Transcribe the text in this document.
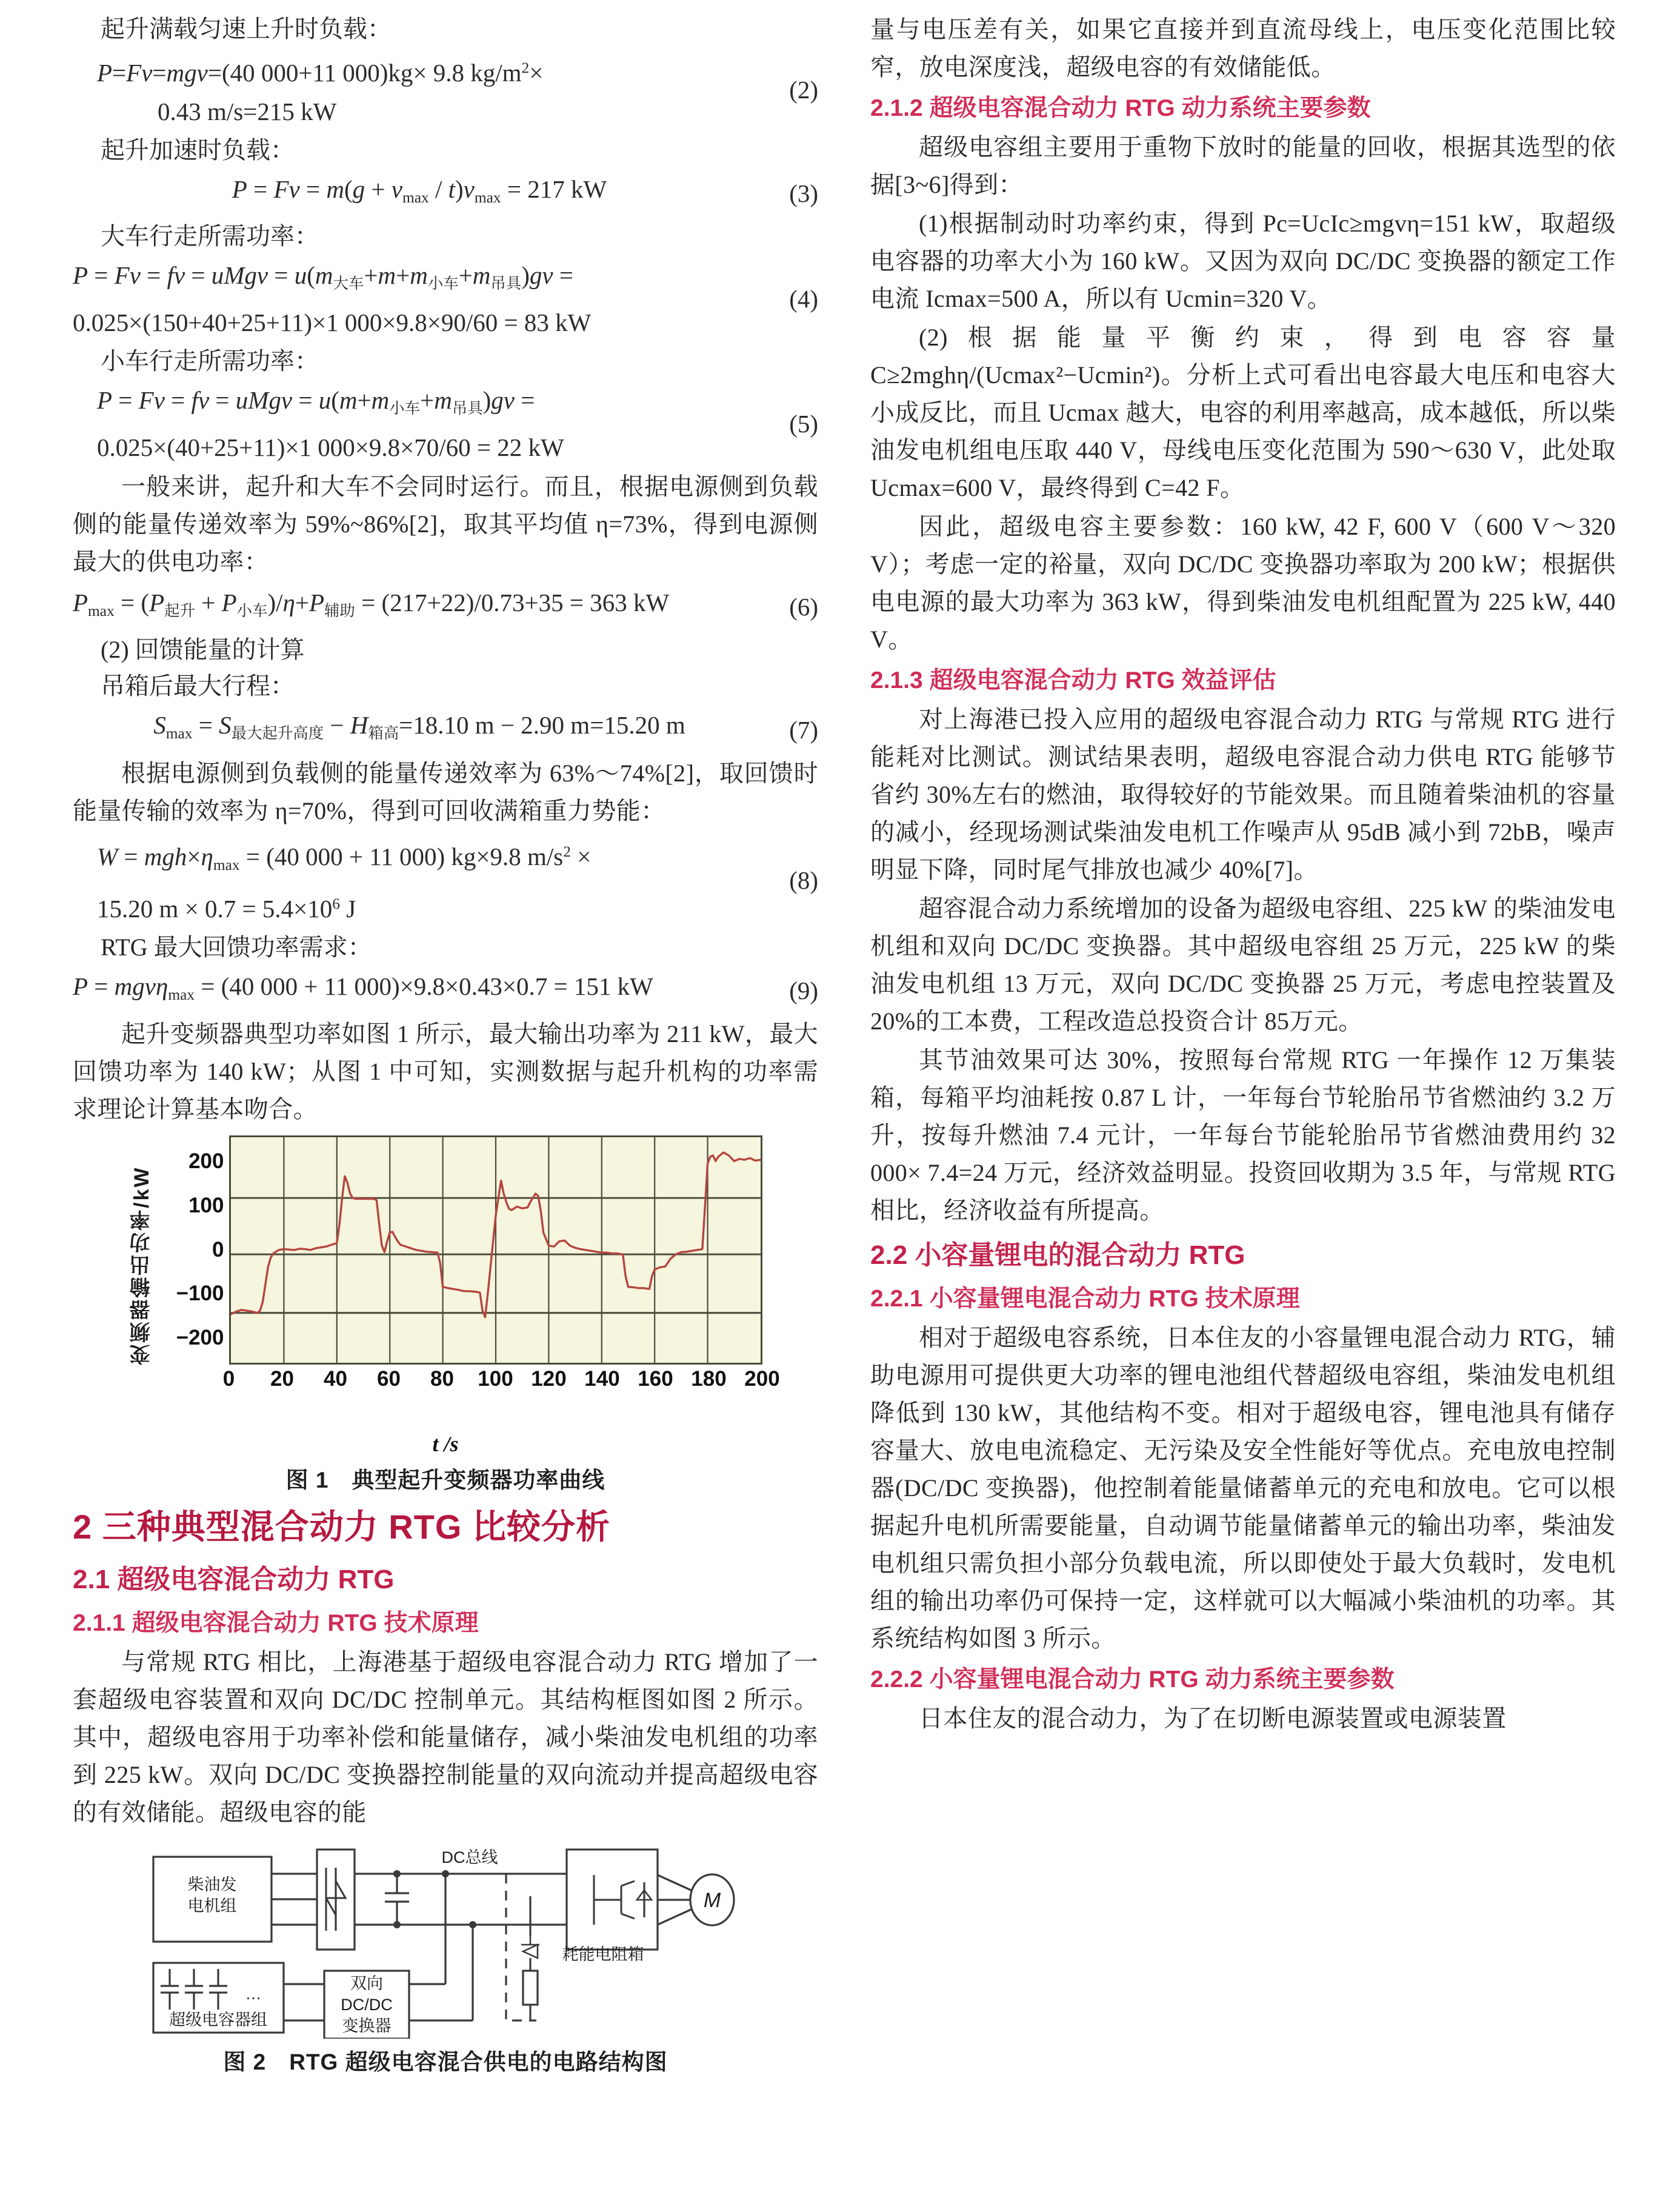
起升满载匀速上升时负载：
P=Fv=mgv=(40 000+11 000)kg× 9.8 $kg/m^2\times$
0.43 m/s=215 kW
(2)
起升加速时负载：
$P = Fv = m(g + v_{max} / t)v_{max} = 217$ kW	(3)
大车行走所需功率：
P = Fv = fv = uMgv = $u(m_{大车}+m+m_{小车}+m_{吊具})gv$ =
0.025×(150+40+25+11)×1 000×9.8×90/60 = 83 kW
(4)
小车行走所需功率：
P = Fv = fv = uMgv = $u(m+m_{小车}+m_{吊具})gv$ =
0.025×(40+25+11)×1 000×9.8×70/60 = 22 kW
(5)

一般来讲，起升和大车不会同时运行。而且，根据电源侧到负载侧的能量传递效率为 59%~86%[2]，取其平均值 η=73%，得到电源侧最大的供电功率：

$P_{max} = (P_{起升} + P_{小车})/\eta+P_{辅助} = (217+22)/0.73+35 = 363$ kW	(6)
(2) 回馈能量的计算
吊箱后最大行程：
$S_{max} = S_{最大起升高度} - H_{箱高}=18.10$ m − 2.90 m=15.20 m	(7)

根据电源侧到负载侧的能量传递效率为 63%～74%[2]，取回馈时能量传输的效率为 η=70%，得到可回收满箱重力势能：

$W = mgh\times\eta_{max} = (40$ 000 + 11 000) kg×9.8 $m/s^2$ ×
15.20 $m \times 0.7 = 5.4\times 10^6$ J
(8)
RTG 最大回馈功率需求：
P = mgvη$_{max}$ = (40 000 + 11 000)×9.8×0.43×0.7 = 151 kW	(9)

起升变频器典型功率如图 1 所示，最大输出功率为 211 kW，最大回馈功率为 140 kW；从图 1 中可知，实测数据与起升机构的功率需求理论计算基本吻合。

变频器输出功率/kW
200
100
0
−100
−200
0 20 40 60 80 100 120 140 160 180 200
t /s
图 1　典型起升变频器功率曲线
2 三种典型混合动力 RTG 比较分析
2.1 超级电容混合动力 RTG
2.1.1 超级电容混合动力 RTG 技术原理

与常规 RTG 相比，上海港基于超级电容混合动力 RTG 增加了一套超级电容装置和双向 DC/DC 控制单元。其结构框图如图 2 所示。其中，超级电容用于功率补偿和能量储存，减小柴油发电机组的功率到 225 kW。双向 DC/DC 变换器控制能量的双向流动并提高超级电容的有效储能。超级电容的能

柴油发
电机组
DC总线
超级电容器组
…
双向
DC/DC
变换器
耗能电阻箱
M
图 2　RTG 超级电容混合供电的电路结构图

量与电压差有关，如果它直接并到直流母线上，电压变化范围比较窄，放电深度浅，超级电容的有效储能低。

2.1.2 超级电容混合动力 RTG 动力系统主要参数

超级电容组主要用于重物下放时的能量的回收，根据其选型的依据[3~6]得到：

(1)根据制动时功率约束，得到 Pc=UcIc≥mgvη=151 kW，取超级电容器的功率大小为 160 kW。又因为双向 DC/DC 变换器的额定工作电流 Icmax=500 A，所以有 Ucmin=320 V。

(2)根据能量平衡约束，得到电容容量 C≥2mghη/(Ucmax²−Ucmin²)。分析上式可看出电容最大电压和电容大小成反比，而且 Ucmax 越大，电容的利用率越高，成本越低，所以柴油发电机组电压取 440 V，母线电压变化范围为 590～630 V，此处取 Ucmax=600 V，最终得到 C=42 F。

因此，超级电容主要参数：160 kW, 42 F, 600 V（600 V～320 V）；考虑一定的裕量，双向 DC/DC 变换器功率取为 200 kW；根据供电电源的最大功率为 363 kW，得到柴油发电机组配置为 225 kW, 440 V。

2.1.3 超级电容混合动力 RTG 效益评估

对上海港已投入应用的超级电容混合动力 RTG 与常规 RTG 进行能耗对比测试。测试结果表明，超级电容混合动力供电 RTG 能够节省约 30%左右的燃油，取得较好的节能效果。而且随着柴油机的容量的减小，经现场测试柴油发电机工作噪声从 95dB 减小到 72bB，噪声明显下降，同时尾气排放也减少 40%[7]。

超容混合动力系统增加的设备为超级电容组、225 kW 的柴油发电机组和双向 DC/DC 变换器。其中超级电容组 25 万元，225 kW 的柴油发电机组 13 万元，双向 DC/DC 变换器 25 万元，考虑电控装置及 20%的工本费，工程改造总投资合计 85万元。

其节油效果可达 30%，按照每台常规 RTG 一年操作 12 万集装箱，每箱平均油耗按 0.87 L 计，一年每台节轮胎吊节省燃油约 3.2 万升，按每升燃油 7.4 元计，一年每台节能轮胎吊节省燃油费用约 32 000× 7.4=24 万元，经济效益明显。投资回收期为 3.5 年，与常规 RTG 相比，经济收益有所提高。

2.2 小容量锂电的混合动力 RTG
2.2.1 小容量锂电混合动力 RTG 技术原理

相对于超级电容系统，日本住友的小容量锂电混合动力 RTG，辅助电源用可提供更大功率的锂电池组代替超级电容组，柴油发电机组降低到 130 kW，其他结构不变。相对于超级电容，锂电池具有储存容量大、放电电流稳定、无污染及安全性能好等优点。充电放电控制器(DC/DC 变换器)，他控制着能量储蓄单元的充电和放电。它可以根据起升电机所需要能量，自动调节能量储蓄单元的输出功率，柴油发电机组只需负担小部分负载电流，所以即使处于最大负载时，发电机组的输出功率仍可保持一定，这样就可以大幅减小柴油机的功率。其系统结构如图 3 所示。

2.2.2 小容量锂电混合动力 RTG 动力系统主要参数

日本住友的混合动力，为了在切断电源装置或电源装置
